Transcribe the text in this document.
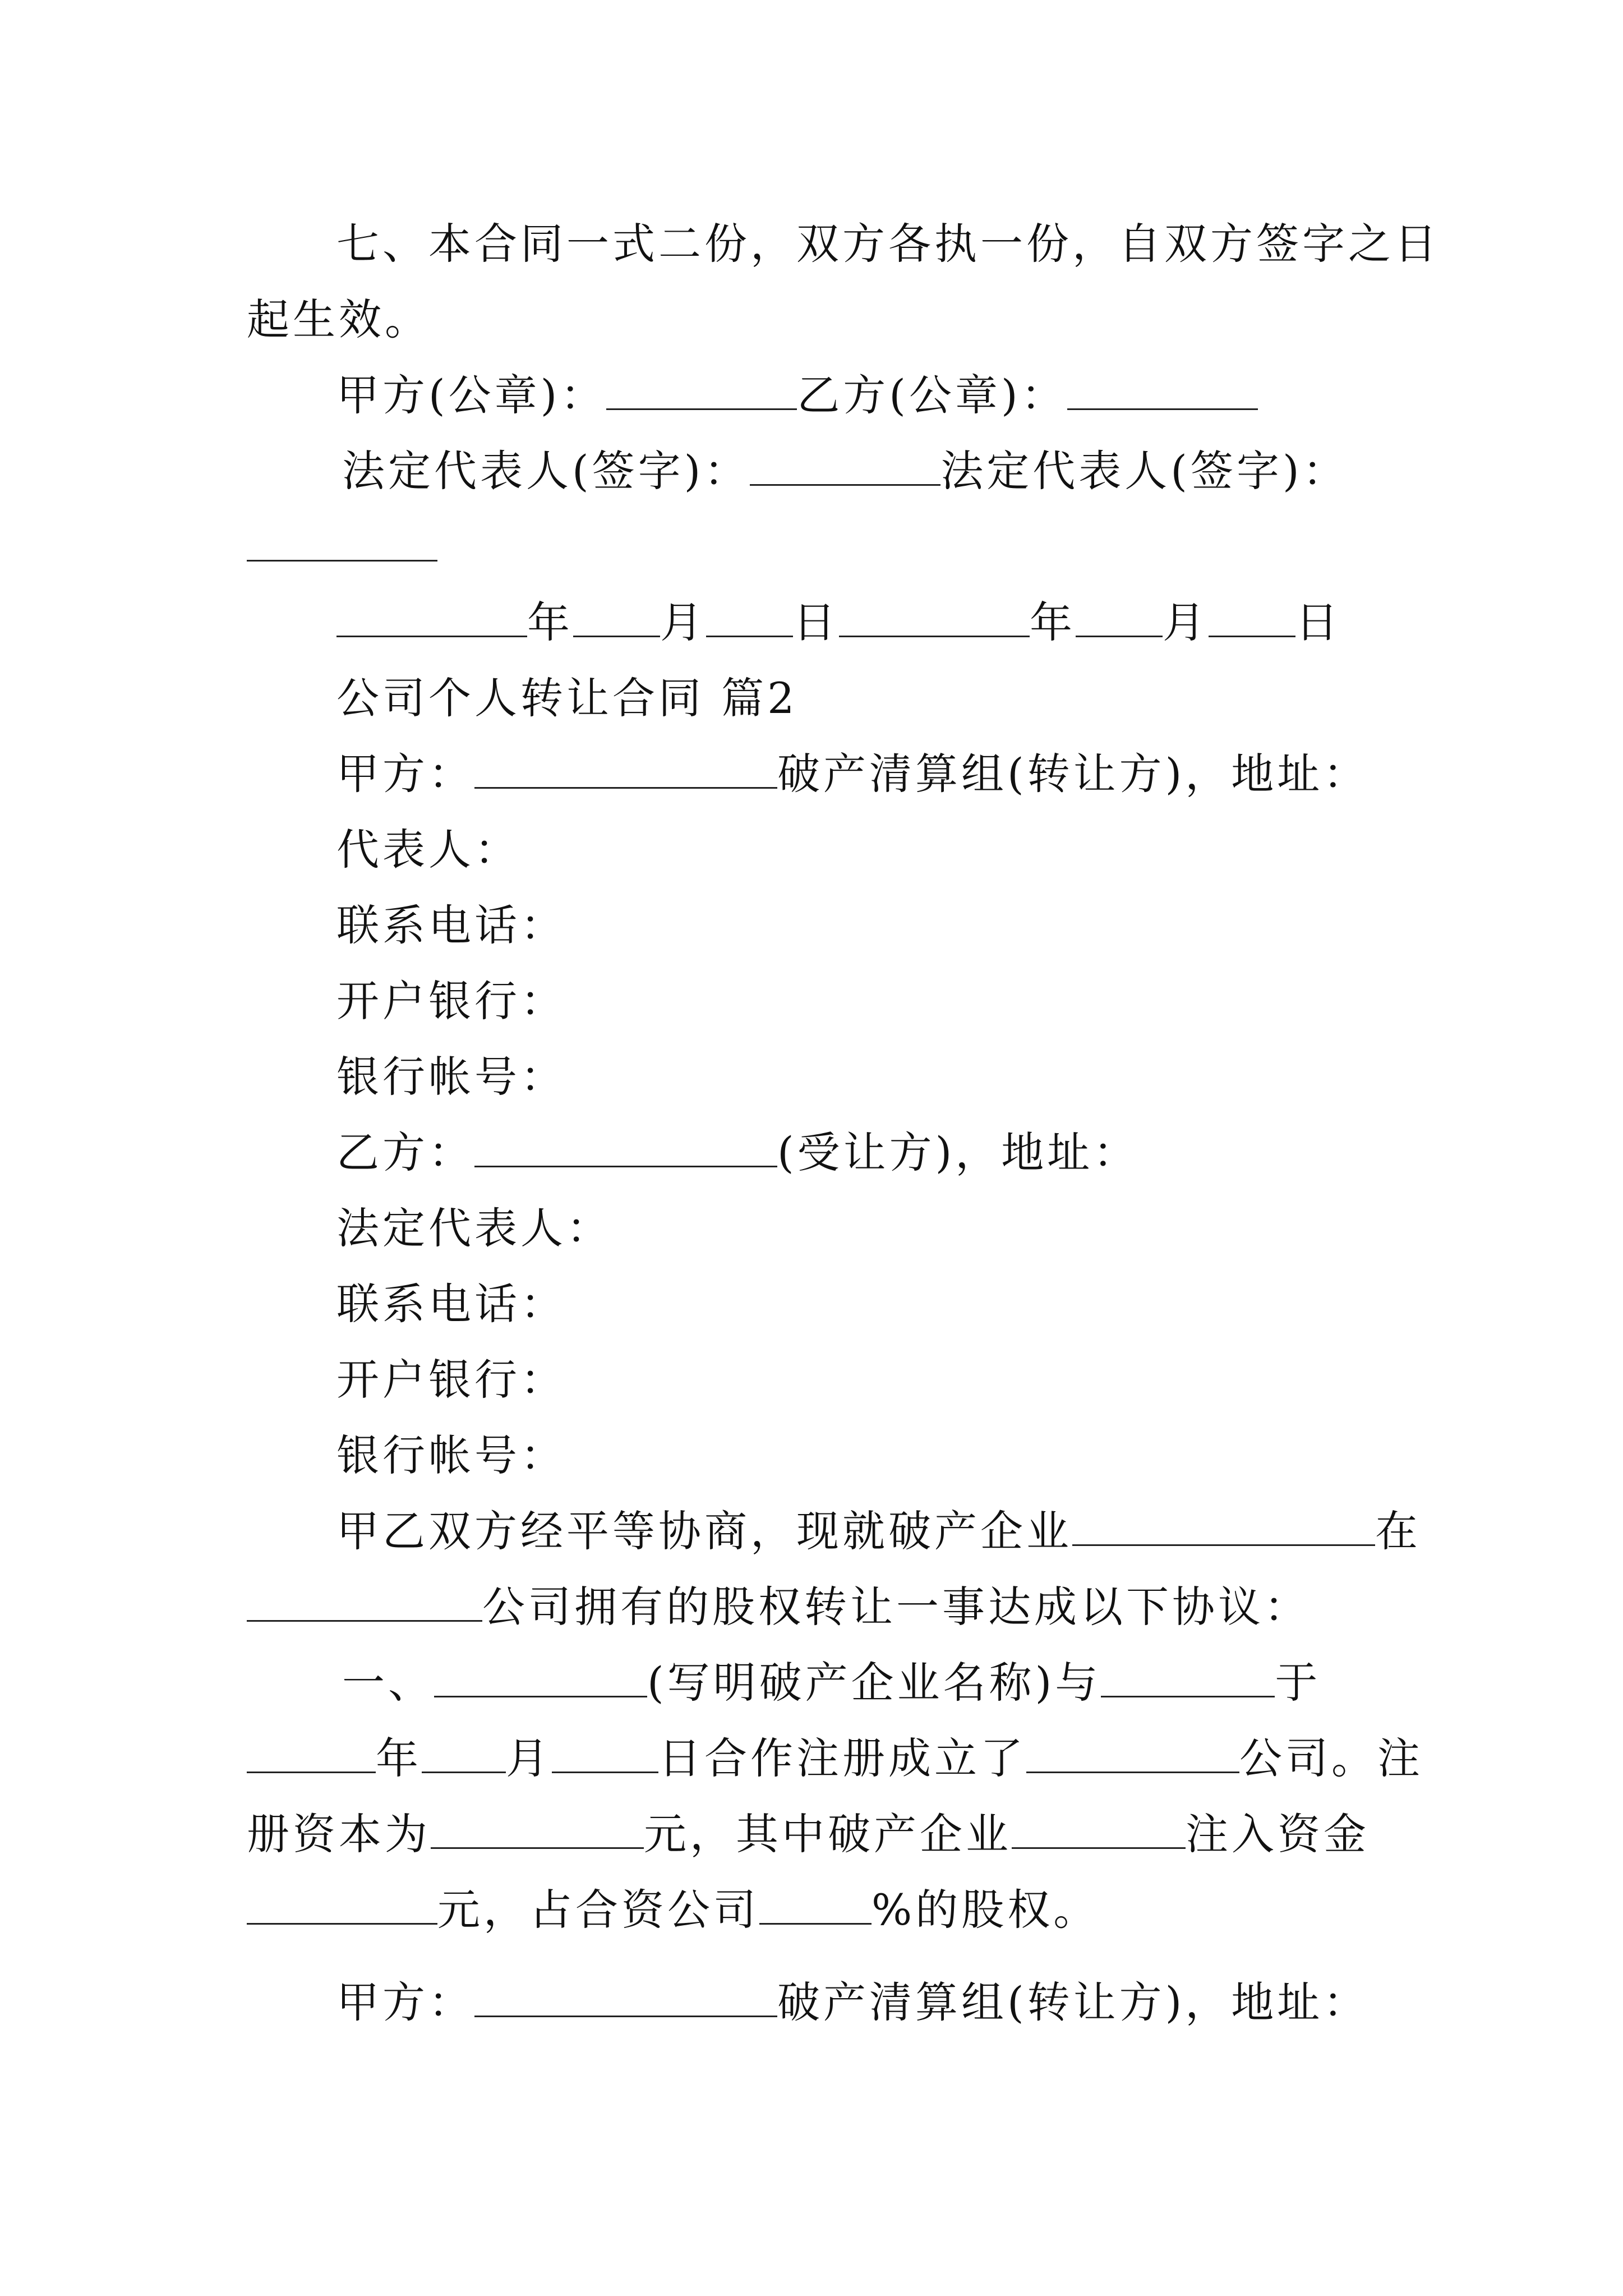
七、本合同一式二份，双方各执一份，自双方签字之日
起生效。
甲方(公章)：	乙方(公章)：
法定代表人(签字)：	法定代表人(签字)：
年 月 日	年 月 日
公司个人转让合同 篇2
甲方：	破产清算组(转让方)，地址：
代表人：
联系电话：
开户银行：
银行帐号：
乙方：	(受让方)，地址：
法定代表人：
联系电话：
开户银行：
银行帐号：
甲乙双方经平等协商，现就破产企业	在
公司拥有的股权转让一事达成以下协议：
一、	(写明破产企业名称)与	于
年 月	日合作注册成立了	公司。注
册资本为	元，其中破产企业	注入资金
元，占合资公司	%的股权。
甲方：	破产清算组(转让方)，地址：
